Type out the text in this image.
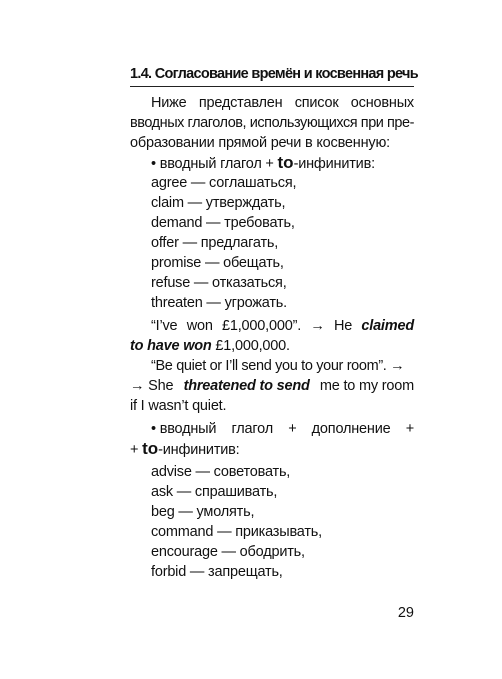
1.4. Согласование времён и косвенная речь
Ниже представлен список основных
вводных глаголов, использующихся при пре-
образовании прямой речи в косвенную:
• вводный глагол + to-инфинитив:
agree — соглашаться,
claim — утверждать,
demand — требовать,
offer — предлагать,
promise — обещать,
refuse — отказаться,
threaten — угрожать.
“I’ve won £1,000,000”. → He claimed
to have won £1,000,000.
“Be quiet or I’ll send you to your room”. →
→ She threatened to send me to my room
if I wasn’t quiet.
• вводный глагол + дополнение +
+ to-инфинитив:
advise — советовать,
ask — спрашивать,
beg — умолять,
command — приказывать,
encourage — ободрить,
forbid — запрещать,
29
